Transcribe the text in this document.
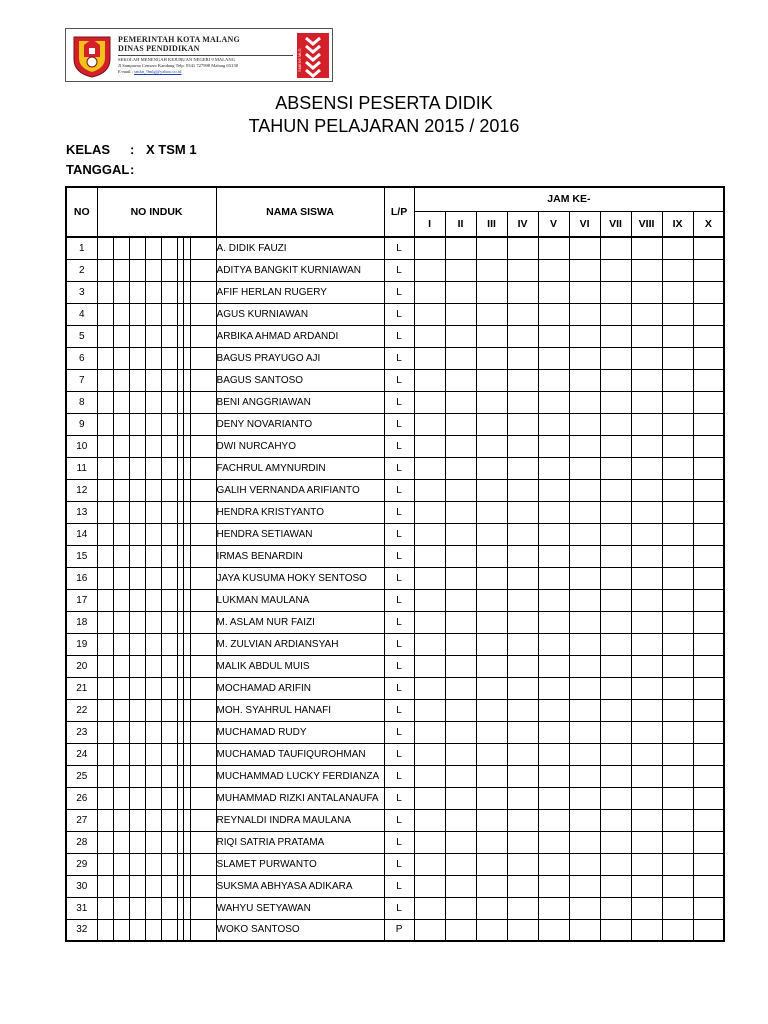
PEMERINTAH KOTA MALANG
DINAS PENDIDIKAN
SEKOLAH MENENGAH KEJURUAN NEGERI 9 MALANG
Jl.Sampurna Cemoro Kandang Telp. 0341 727998 Malang 65138
E-mail : smkn_9mlg@yahoo.co.id	SMKN9 MLG
ABSENSI PESERTA DIDIK
TAHUN PELAJARAN 2015 / 2016
KELAS : X TSM 1
TANGGAL:
NO	NO INDUK								NAMA SISWA	L/P	JAM KE-									
											I	II	III	IV	V	VI	VII	VIII	IX	X
1									A. DIDIK FAUZI	L										
2									ADITYA BANGKIT KURNIAWAN	L										
3									AFIF HERLAN RUGERY	L										
4									AGUS KURNIAWAN	L										
5									ARBIKA AHMAD ARDANDI	L										
6									BAGUS PRAYUGO AJI	L										
7									BAGUS SANTOSO	L										
8									BENI ANGGRIAWAN	L										
9									DENY NOVARIANTO	L										
10									DWI NURCAHYO	L										
11									FACHRUL AMYNURDIN	L										
12									GALIH VERNANDA ARIFIANTO	L										
13									HENDRA KRISTYANTO	L										
14									HENDRA SETIAWAN	L										
15									IRMAS BENARDIN	L										
16									JAYA KUSUMA HOKY SENTOSO	L										
17									LUKMAN MAULANA	L										
18									M. ASLAM NUR FAIZI	L										
19									M. ZULVIAN ARDIANSYAH	L										
20									MALIK ABDUL MUIS	L										
21									MOCHAMAD ARIFIN	L										
22									MOH. SYAHRUL HANAFI	L										
23									MUCHAMAD RUDY	L										
24									MUCHAMAD TAUFIQUROHMAN	L										
25									MUCHAMMAD LUCKY FERDIANZA	L										
26									MUHAMMAD RIZKI ANTALANAUFA	L										
27									REYNALDI INDRA MAULANA	L										
28									RIQI SATRIA PRATAMA	L										
29									SLAMET PURWANTO	L										
30									SUKSMA ABHYASA ADIKARA	L										
31									WAHYU SETYAWAN	L										
32									WOKO SANTOSO	P										
